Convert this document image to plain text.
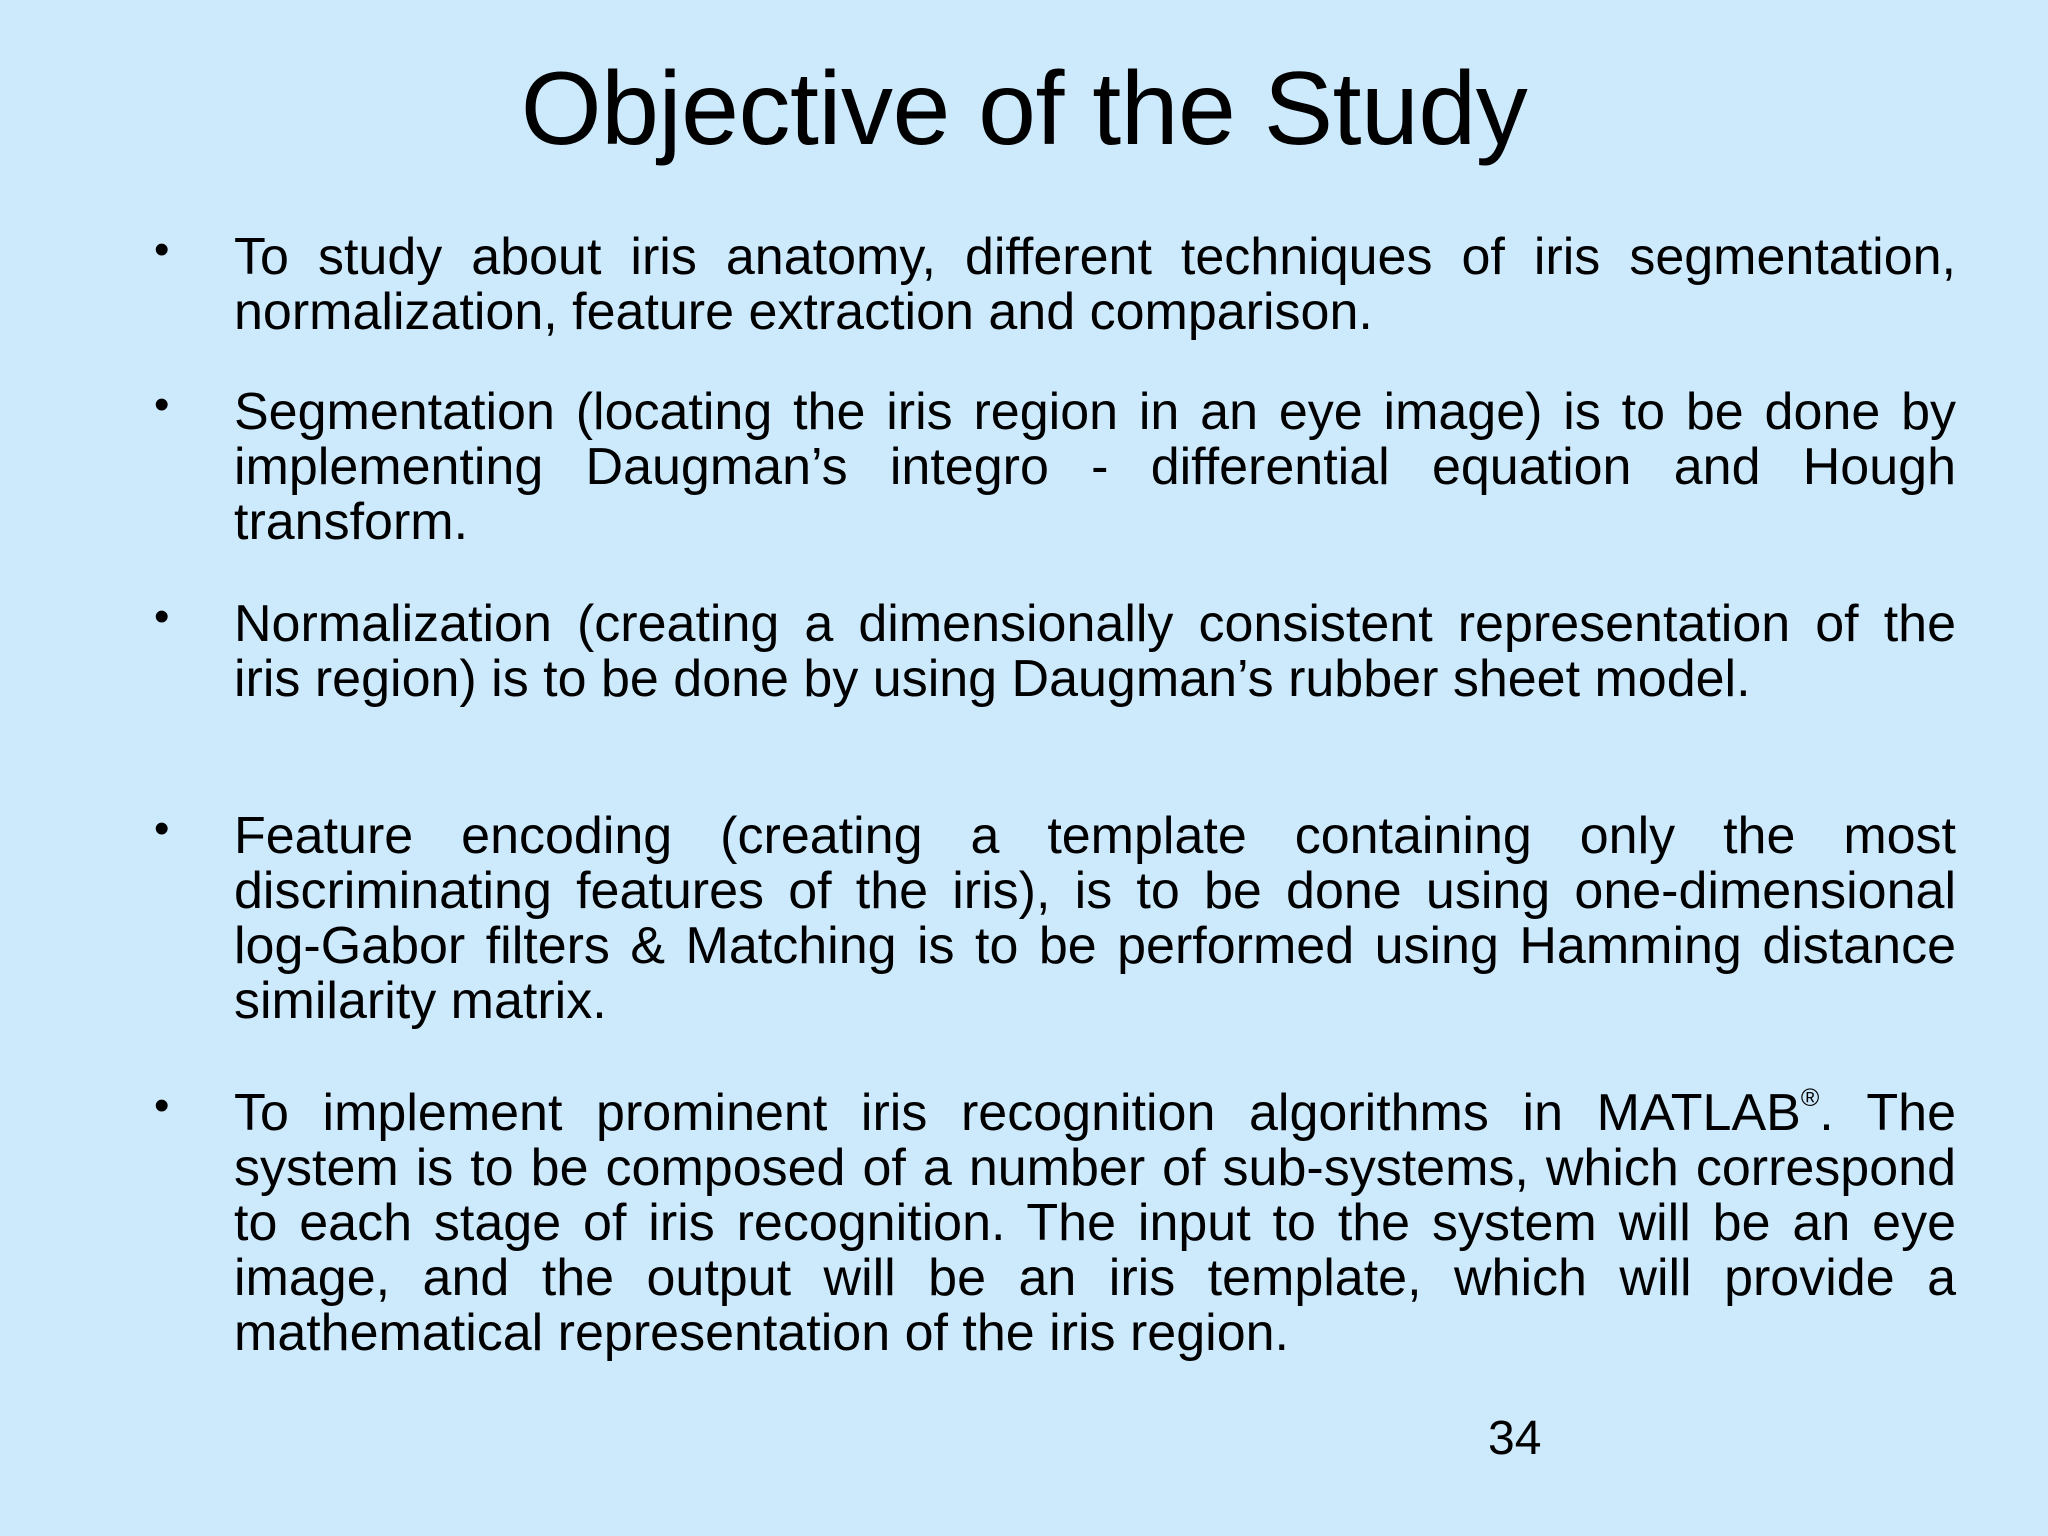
Objective of the Study
• To study about iris anatomy, different techniques of iris segmentation, normalization, feature extraction and comparison.
• Segmentation (locating the iris region in an eye image) is to be done by implementing Daugman’s integro - differential equation and Hough transform.
• Normalization (creating a dimensionally consistent representation of the iris region) is to be done by using Daugman’s rubber sheet model.
• Feature encoding (creating a template containing only the most discriminating features of the iris), is to be done using one-dimensional log-Gabor filters & Matching is to be performed using Hamming distance similarity matrix.
• To implement prominent iris recognition algorithms in MATLAB®. The system is to be composed of a number of sub-systems, which correspond to each stage of iris recognition. The input to the system will be an eye image, and the output will be an iris template, which will provide a mathematical representation of the iris region.
34
